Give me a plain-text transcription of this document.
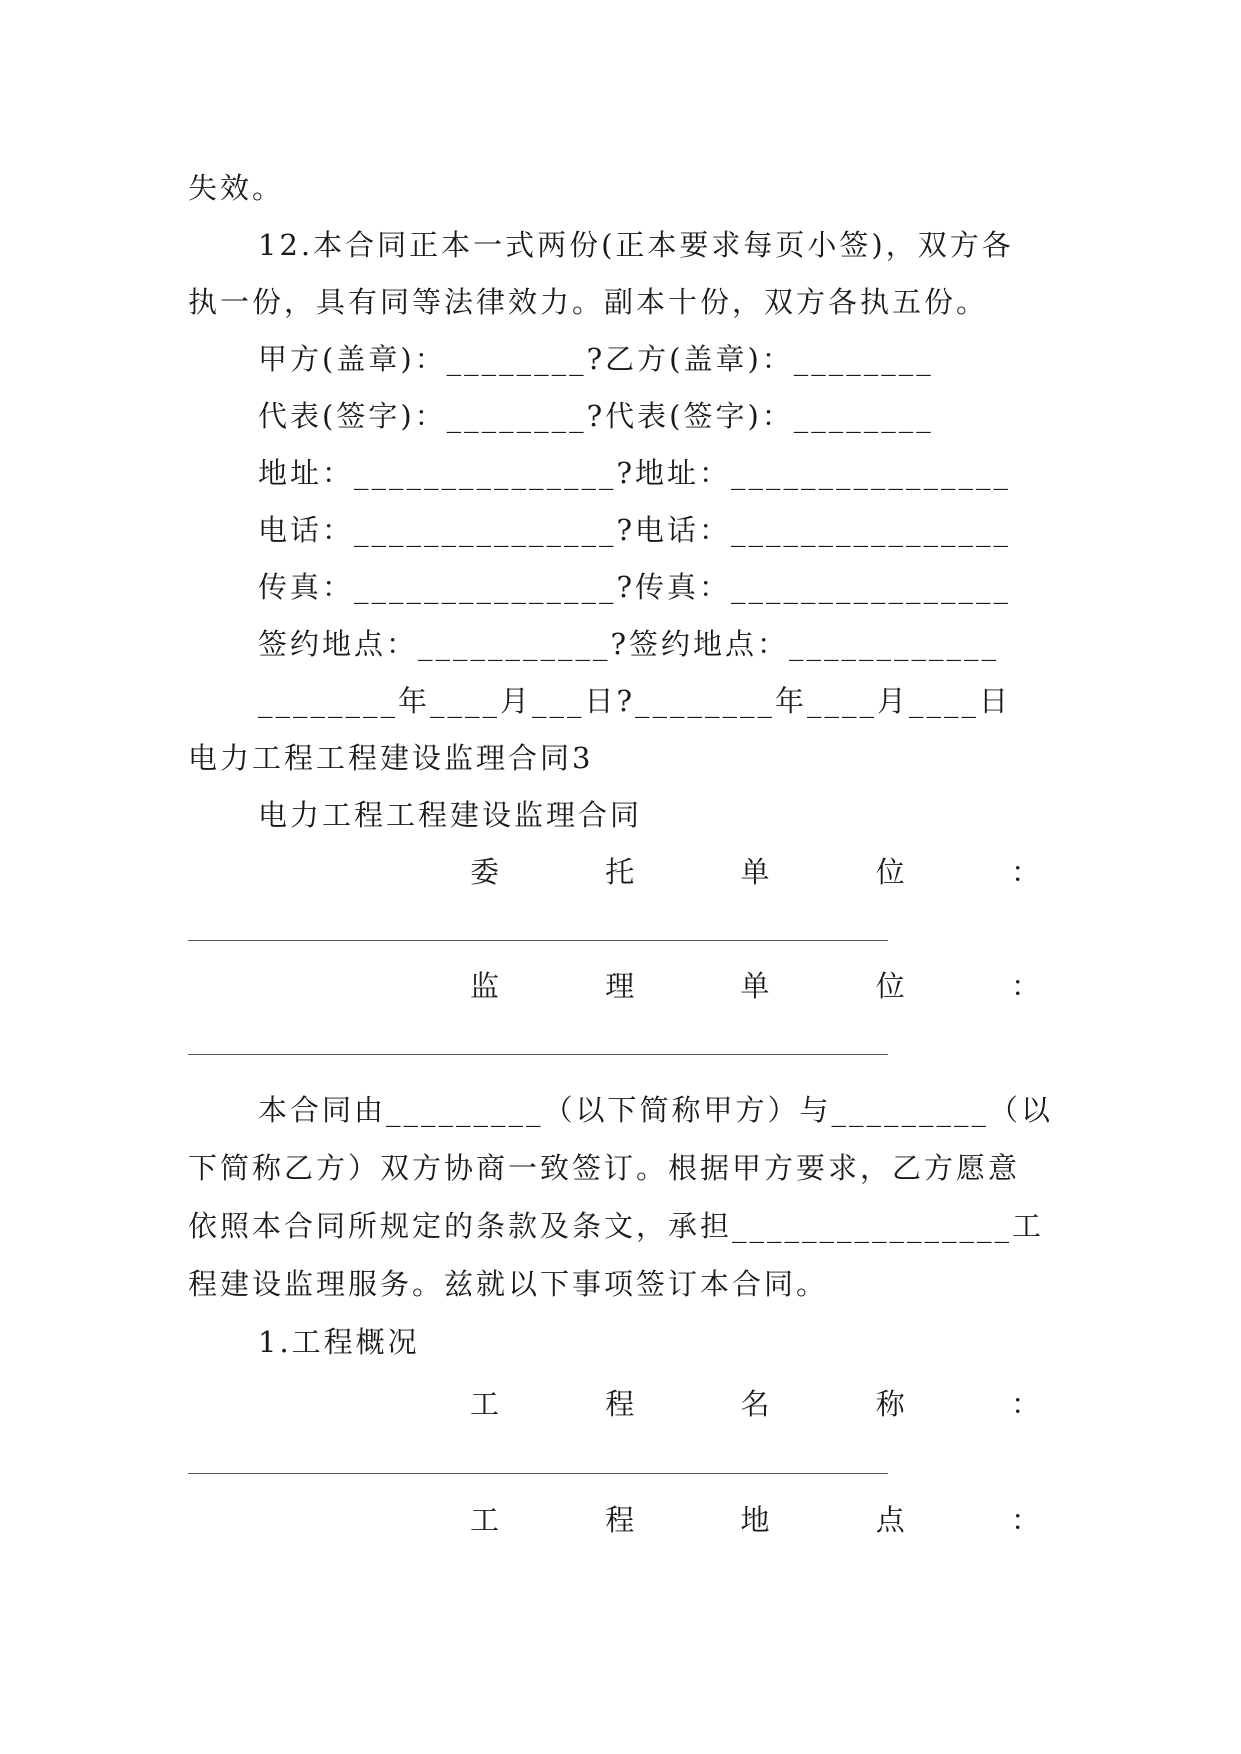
失效。
12.本合同正本一式两份(正本要求每页小签)，双方各
执一份，具有同等法律效力。副本十份，双方各执五份。
甲方(盖章)：________?乙方(盖章)：________
代表(签字)：________?代表(签字)：________
地址：_______________?地址：________________
电话：_______________?电话：________________
传真：_______________?传真：________________
签约地点：___________?签约地点：____________
________年____月___日?________年____月____日
电力工程工程建设监理合同3
电力工程工程建设监理合同
委	托	单	位	：
监	理	单	位	：
本合同由_________（以下简称甲方）与_________（以
下简称乙方）双方协商一致签订。根据甲方要求，乙方愿意
依照本合同所规定的条款及条文，承担________________工
程建设监理服务。兹就以下事项签订本合同。
1.工程概况
工	程	名	称	：
工	程	地	点	：
